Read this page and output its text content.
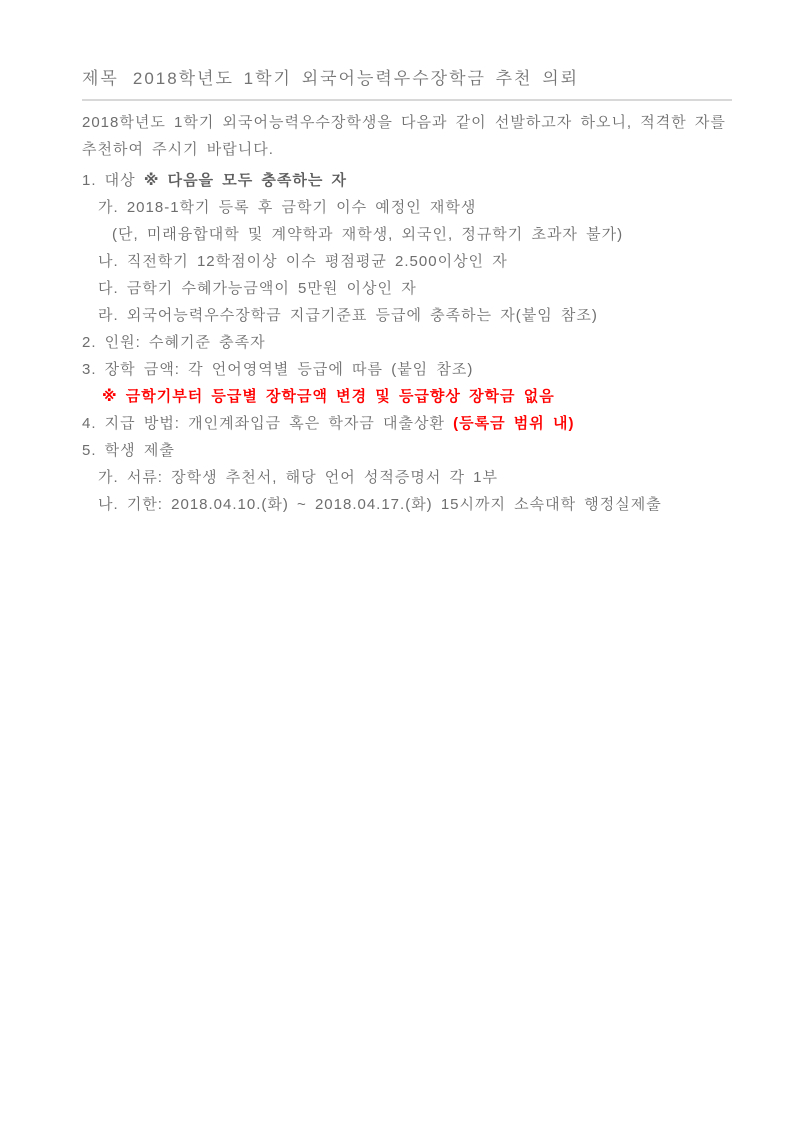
제목 2018학년도 1학기 외국어능력우수장학금 추천 의뢰

2018학년도 1학기 외국어능력우수장학생을 다음과 같이 선발하고자 하오니, 적격한 자를 추천하여 주시기 바랍니다.

1. 대상 ※ 다음을 모두 충족하는 자
가. 2018-1학기 등록 후 금학기 이수 예정인 재학생
(단, 미래융합대학 및 계약학과 재학생, 외국인, 정규학기 초과자 불가)
나. 직전학기 12학점이상 이수 평점평균 2.500이상인 자
다. 금학기 수혜가능금액이 5만원 이상인 자
라. 외국어능력우수장학금 지급기준표 등급에 충족하는 자(붙임 참조)
2. 인원: 수혜기준 충족자
3. 장학 금액: 각 언어영역별 등급에 따름 (붙임 참조)
※ 금학기부터 등급별 장학금액 변경 및 등급향상 장학금 없음
4. 지급 방법: 개인계좌입금 혹은 학자금 대출상환 (등록금 범위 내)
5. 학생 제출
가. 서류: 장학생 추천서, 해당 언어 성적증명서 각 1부
나. 기한: 2018.04.10.(화) ~ 2018.04.17.(화) 15시까지 소속대학 행정실제출
